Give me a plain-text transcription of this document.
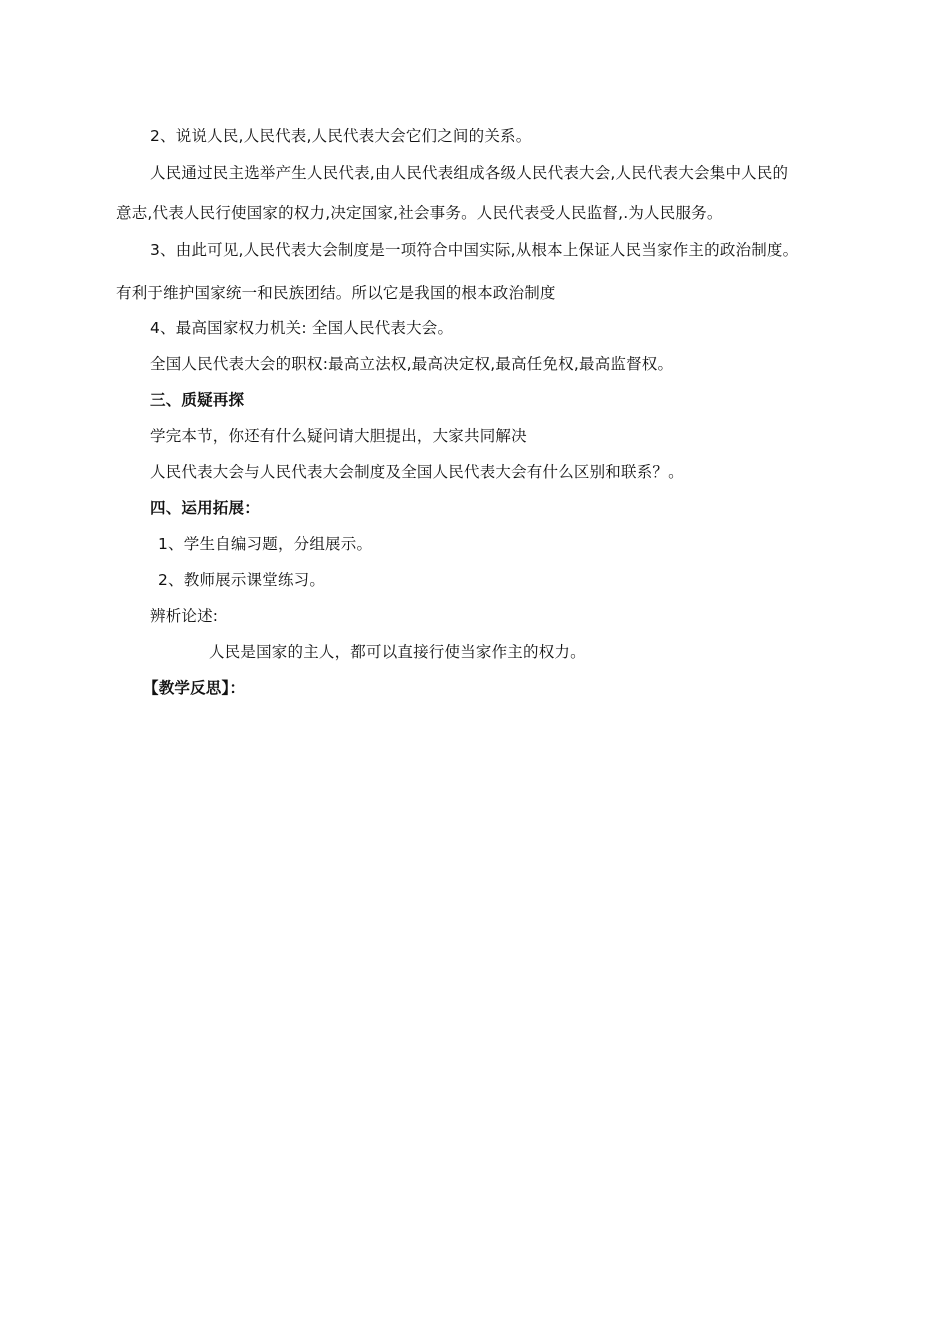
2、说说人民,人民代表,人民代表大会它们之间的关系。
人民通过民主选举产生人民代表,由人民代表组成各级人民代表大会,人民代表大会集中人民的
意志,代表人民行使国家的权力,决定国家,社会事务。人民代表受人民监督,.为人民服务。
3、由此可见,人民代表大会制度是一项符合中国实际,从根本上保证人民当家作主的政治制度。
有利于维护国家统一和民族团结。所以它是我国的根本政治制度
4、最高国家权力机关: 全国人民代表大会。
全国人民代表大会的职权:最高立法权,最高决定权,最高任免权,最高监督权。
三、质疑再探
学完本节，你还有什么疑问请大胆提出，大家共同解决
人民代表大会与人民代表大会制度及全国人民代表大会有什么区别和联系？。
四、运用拓展：
1、学生自编习题，分组展示。
2、教师展示课堂练习。
辨析论述:
人民是国家的主人，都可以直接行使当家作主的权力。
【教学反思】：
